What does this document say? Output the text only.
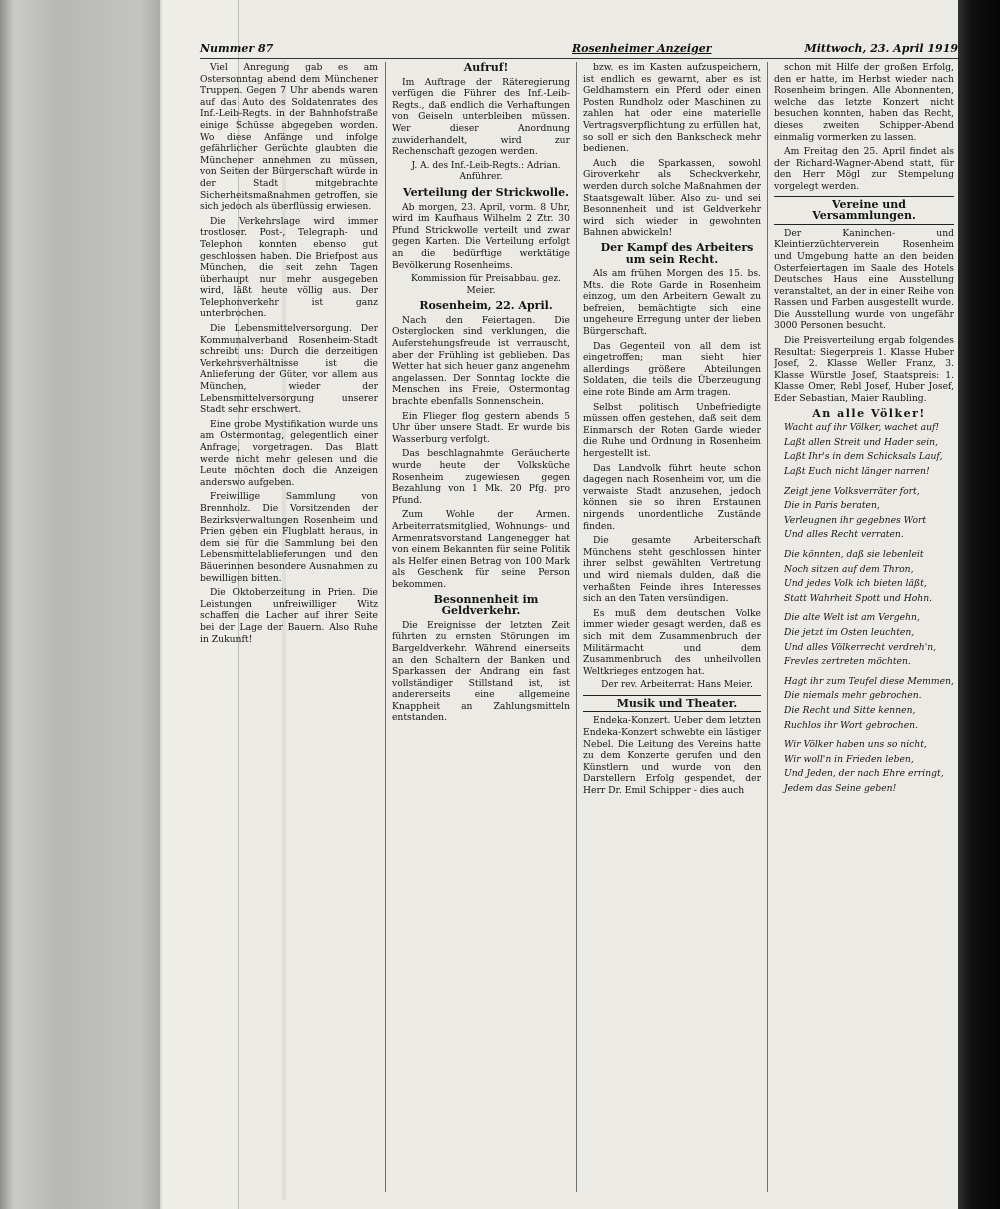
Nummer 87	Rosenheimer Anzeiger	Mittwoch, 23. April 1919

Viel Anregung gab es am Ostersonntag abend dem Münchener Truppen. Gegen 7 Uhr abends waren auf das Auto des Soldatenrates des Inf.-Leib-Regts. in der Bahnhofstraße einige Schüsse abgegeben worden. Wo diese Anfänge und infolge gefährlicher Gerüchte glaubten die Münchener annehmen zu müssen, von Seiten der Bürgerschaft würde in der Stadt mitgebrachte Sicherheitsmaßnahmen getroffen, sie sich jedoch als überflüssig erwiesen.

Die Verkehrslage wird immer trostloser. Post-, Telegraph- und Telephon konnten ebenso gut geschlossen haben. Die Briefpost aus München, die seit zehn Tagen überhaupt nur mehr ausgegeben wird, läßt heute völlig aus. Der Telephonverkehr ist ganz unterbrochen.

Die Lebensmittelversorgung. Der Kommunalverband Rosenheim-Stadt schreibt uns: Durch die derzeitigen Verkehrsverhältnisse ist die Anlieferung der Güter, vor allem aus München, wieder der Lebensmittelversorgung unserer Stadt sehr erschwert.

Eine grobe Mystifikation wurde uns am Ostermontag, gelegentlich einer Anfrage, vorgetragen. Das Blatt werde nicht mehr gelesen und die Leute möchten doch die Anzeigen anderswo aufgeben.

Freiwillige Sammlung von Brennholz. Die Vorsitzenden der Bezirksverwaltungen Rosenheim und Prien geben ein Flugblatt heraus, in dem sie für die Sammlung bei den Lebensmittelablieferungen und den Bäuerinnen besondere Ausnahmen zu bewilligen bitten.

Die Oktoberzeitung in Prien. Die Leistungen unfreiwilliger Witz schaffen die Lacher auf ihrer Seite bei der Lage der Bauern. Also Ruhe in Zukunft!

Aufruf!

Im Auftrage der Räteregierung verfügen die Führer des Inf.-Leib-Regts., daß endlich die Verhaftungen von Geiseln unterbleiben müssen. Wer dieser Anordnung zuwiderhandelt, wird zur Rechenschaft gezogen werden.

J. A. des Inf.-Leib-Regts.: Adrian. Anführer.

Verteilung der Strickwolle.

Ab morgen, 23. April, vorm. 8 Uhr, wird im Kaufhaus Wilhelm 2 Ztr. 30 Pfund Strickwolle verteilt und zwar gegen Karten. Die Verteilung erfolgt an die bedürftige werktätige Bevölkerung Rosenheims.

Kommission für Preisabbau. gez. Meier.

Rosenheim, 22. April.

Nach den Feiertagen. Die Osterglocken sind verklungen, die Auferstehungsfreude ist verrauscht, aber der Frühling ist geblieben. Das Wetter hat sich heuer ganz angenehm angelassen. Der Sonntag lockte die Menschen ins Freie, Ostermontag brachte ebenfalls Sonnenschein.

Ein Flieger flog gestern abends 5 Uhr über unsere Stadt. Er wurde bis Wasserburg verfolgt.

Das beschlagnahmte Geräucherte wurde heute der Volksküche Rosenheim zugewiesen gegen Bezahlung von 1 Mk. 20 Pfg. pro Pfund.

Zum Wohle der Armen. Arbeiterratsmitglied, Wohnungs- und Armenratsvorstand Langenegger hat von einem Bekannten für seine Politik als Helfer einen Betrag von 100 Mark als Geschenk für seine Person bekommen.

Besonnenheit im Geldverkehr.

Die Ereignisse der letzten Zeit führten zu ernsten Störungen im Bargeldverkehr. Während einerseits an den Schaltern der Banken und Sparkassen der Andrang ein fast vollständiger Stillstand ist, ist andererseits eine allgemeine Knappheit an Zahlungsmitteln entstanden.

bzw. es im Kasten aufzuspeichern, ist endlich es gewarnt, aber es ist Geldhamstern ein Pferd oder einen Posten Rundholz oder Maschinen zu zahlen hat oder eine materielle Vertragsverpflichtung zu erfüllen hat, so soll er sich den Bankscheck mehr bedienen.

Auch die Sparkassen, sowohl Giroverkehr als Scheckverkehr, werden durch solche Maßnahmen der Staatsgewalt lüber. Also zu- und sei Besonnenheit und ist Geldverkehr wird sich wieder in gewohnten Bahnen abwickeln!

Der Kampf des Arbeiters um sein Recht.

Als am frühen Morgen des 15. bs. Mts. die Rote Garde in Rosenheim einzog, um den Arbeitern Gewalt zu befreien, bemächtigte sich eine ungeheure Erregung unter der lieben Bürgerschaft.

Das Gegenteil von all dem ist eingetroffen; man sieht hier allerdings größere Abteilungen Soldaten, die teils die Überzeugung eine rote Binde am Arm tragen.

Selbst politisch Unbefriedigte müssen offen gestehen, daß seit dem Einmarsch der Roten Garde wieder die Ruhe und Ordnung in Rosenheim hergestellt ist.

Das Landvolk führt heute schon dagegen nach Rosenheim vor, um die verwaiste Stadt anzusehen, jedoch können sie so ihren Erstaunen nirgends unordentliche Zustände finden.

Die gesamte Arbeiterschaft Münchens steht geschlossen hinter ihrer selbst gewählten Vertretung und wird niemals dulden, daß die verhaßten Feinde ihres Interesses sich an den Taten versündigen.

Es muß dem deutschen Volke immer wieder gesagt werden, daß es sich mit dem Zusammenbruch der Militärmacht und dem Zusammenbruch des unheilvollen Weltkrieges entzogen hat.

Der rev. Arbeiterrat: Hans Meier.

Musik und Theater.

Endeka-Konzert. Ueber dem letzten Endeka-Konzert schwebte ein lästiger Nebel. Die Leitung des Vereins hatte zu dem Konzerte gerufen und den Künstlern und wurde von den Darstellern Erfolg gespendet, der Herr Dr. Emil Schipper - dies auch

schon mit Hilfe der großen Erfolg, den er hatte, im Herbst wieder nach Rosenheim bringen. Alle Abonnenten, welche das letzte Konzert nicht besuchen konnten, haben das Recht, dieses zweiten Schipper-Abend einmalig vormerken zu lassen.

Am Freitag den 25. April findet als der Richard-Wagner-Abend statt, für den Herr Mögl zur Stempelung vorgelegt werden.

Vereine und Versammlungen.

Der Kaninchen- und Kleintierzüchterverein Rosenheim und Umgebung hatte an den beiden Osterfeiertagen im Saale des Hotels Deutsches Haus eine Ausstellung veranstaltet, an der in einer Reihe von Rassen und Farben ausgestellt wurde. Die Ausstellung wurde von ungefähr 3000 Personen besucht.

Die Preisverteilung ergab folgendes Resultat: Siegerpreis 1. Klasse Huber Josef, 2. Klasse Weller Franz, 3. Klasse Würstle Josef, Staatspreis: 1. Klasse Omer, Rebl Josef, Huber Josef, Eder Sebastian, Maier Raubling.

An alle Völker!

Wacht auf ihr Völker, wachet auf!

Laßt allen Streit und Hader sein,

Laßt Ihr's in dem Schicksals Lauf,

Laßt Euch nicht länger narren!

Zeigt jene Volksverräter fort,

Die in Paris beraten,

Verleugnen ihr gegebnes Wort

Und alles Recht verraten.

Die könnten, daß sie lebenleit

Noch sitzen auf dem Thron,

Und jedes Volk ich bieten läßt,

Statt Wahrheit Spott und Hohn.

Die alte Welt ist am Vergehn,

Die jetzt im Osten leuchten,

Und alles Völkerrecht verdreh'n,

Frevles zertreten möchten.

Hagt ihr zum Teufel diese Memmen,

Die niemals mehr gebrochen.

Die Recht und Sitte kennen,

Ruchlos ihr Wort gebrochen.

Wir Völker haben uns so nicht,

Wir woll'n in Frieden leben,

Und Jeden, der nach Ehre erringt,

Jedem das Seine geben!
